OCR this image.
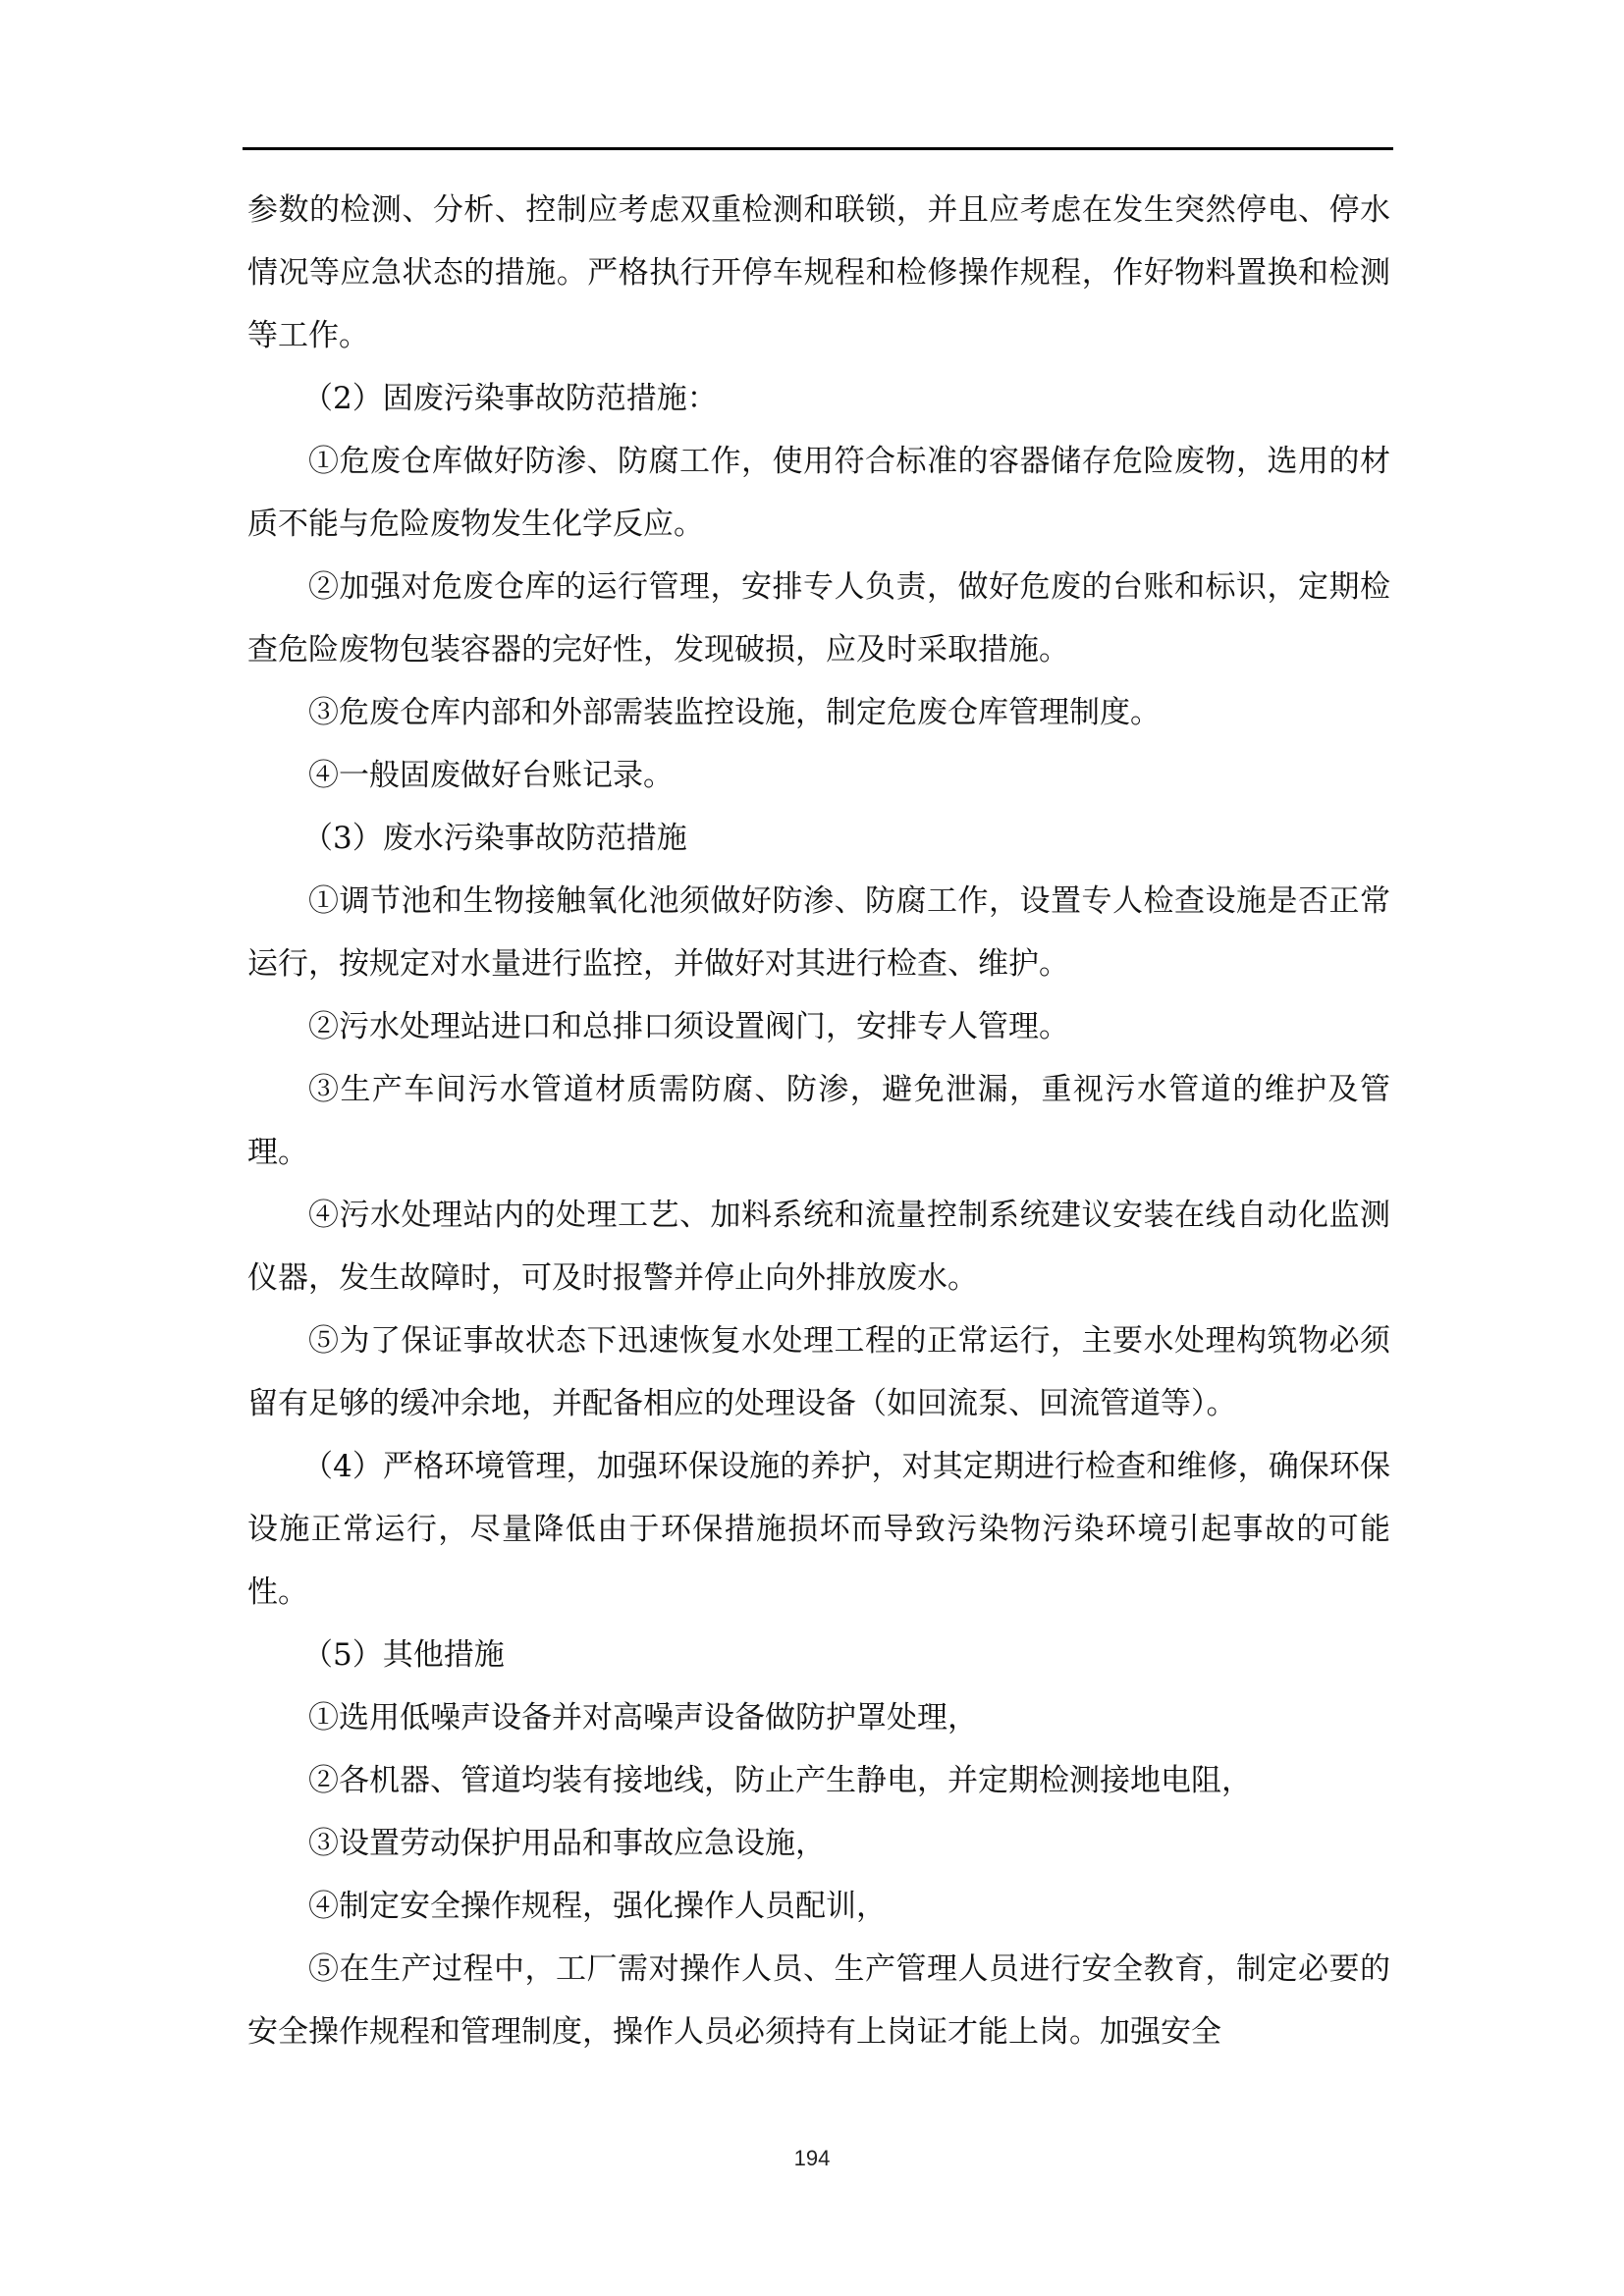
参数的检测、分析、控制应考虑双重检测和联锁，并且应考虑在发生突然停电、停水情况等应急状态的措施。严格执行开停车规程和检修操作规程，作好物料置换和检测等工作。

（2）固废污染事故防范措施：

①危废仓库做好防渗、防腐工作，使用符合标准的容器储存危险废物，选用的材质不能与危险废物发生化学反应。

②加强对危废仓库的运行管理，安排专人负责，做好危废的台账和标识，定期检查危险废物包装容器的完好性，发现破损，应及时采取措施。

③危废仓库内部和外部需装监控设施，制定危废仓库管理制度。

④一般固废做好台账记录。

（3）废水污染事故防范措施

①调节池和生物接触氧化池须做好防渗、防腐工作，设置专人检查设施是否正常运行，按规定对水量进行监控，并做好对其进行检查、维护。

②污水处理站进口和总排口须设置阀门，安排专人管理。

③生产车间污水管道材质需防腐、防渗，避免泄漏，重视污水管道的维护及管理。

④污水处理站内的处理工艺、加料系统和流量控制系统建议安装在线自动化监测仪器，发生故障时，可及时报警并停止向外排放废水。

⑤为了保证事故状态下迅速恢复水处理工程的正常运行，主要水处理构筑物必须留有足够的缓冲余地，并配备相应的处理设备（如回流泵、回流管道等）。

（4）严格环境管理，加强环保设施的养护，对其定期进行检查和维修，确保环保设施正常运行，尽量降低由于环保措施损坏而导致污染物污染环境引起事故的可能性。

（5）其他措施

①选用低噪声设备并对高噪声设备做防护罩处理，

②各机器、管道均装有接地线，防止产生静电，并定期检测接地电阻，

③设置劳动保护用品和事故应急设施，

④制定安全操作规程，强化操作人员配训，

⑤在生产过程中，工厂需对操作人员、生产管理人员进行安全教育，制定必要的安全操作规程和管理制度，操作人员必须持有上岗证才能上岗。加强安全

194
